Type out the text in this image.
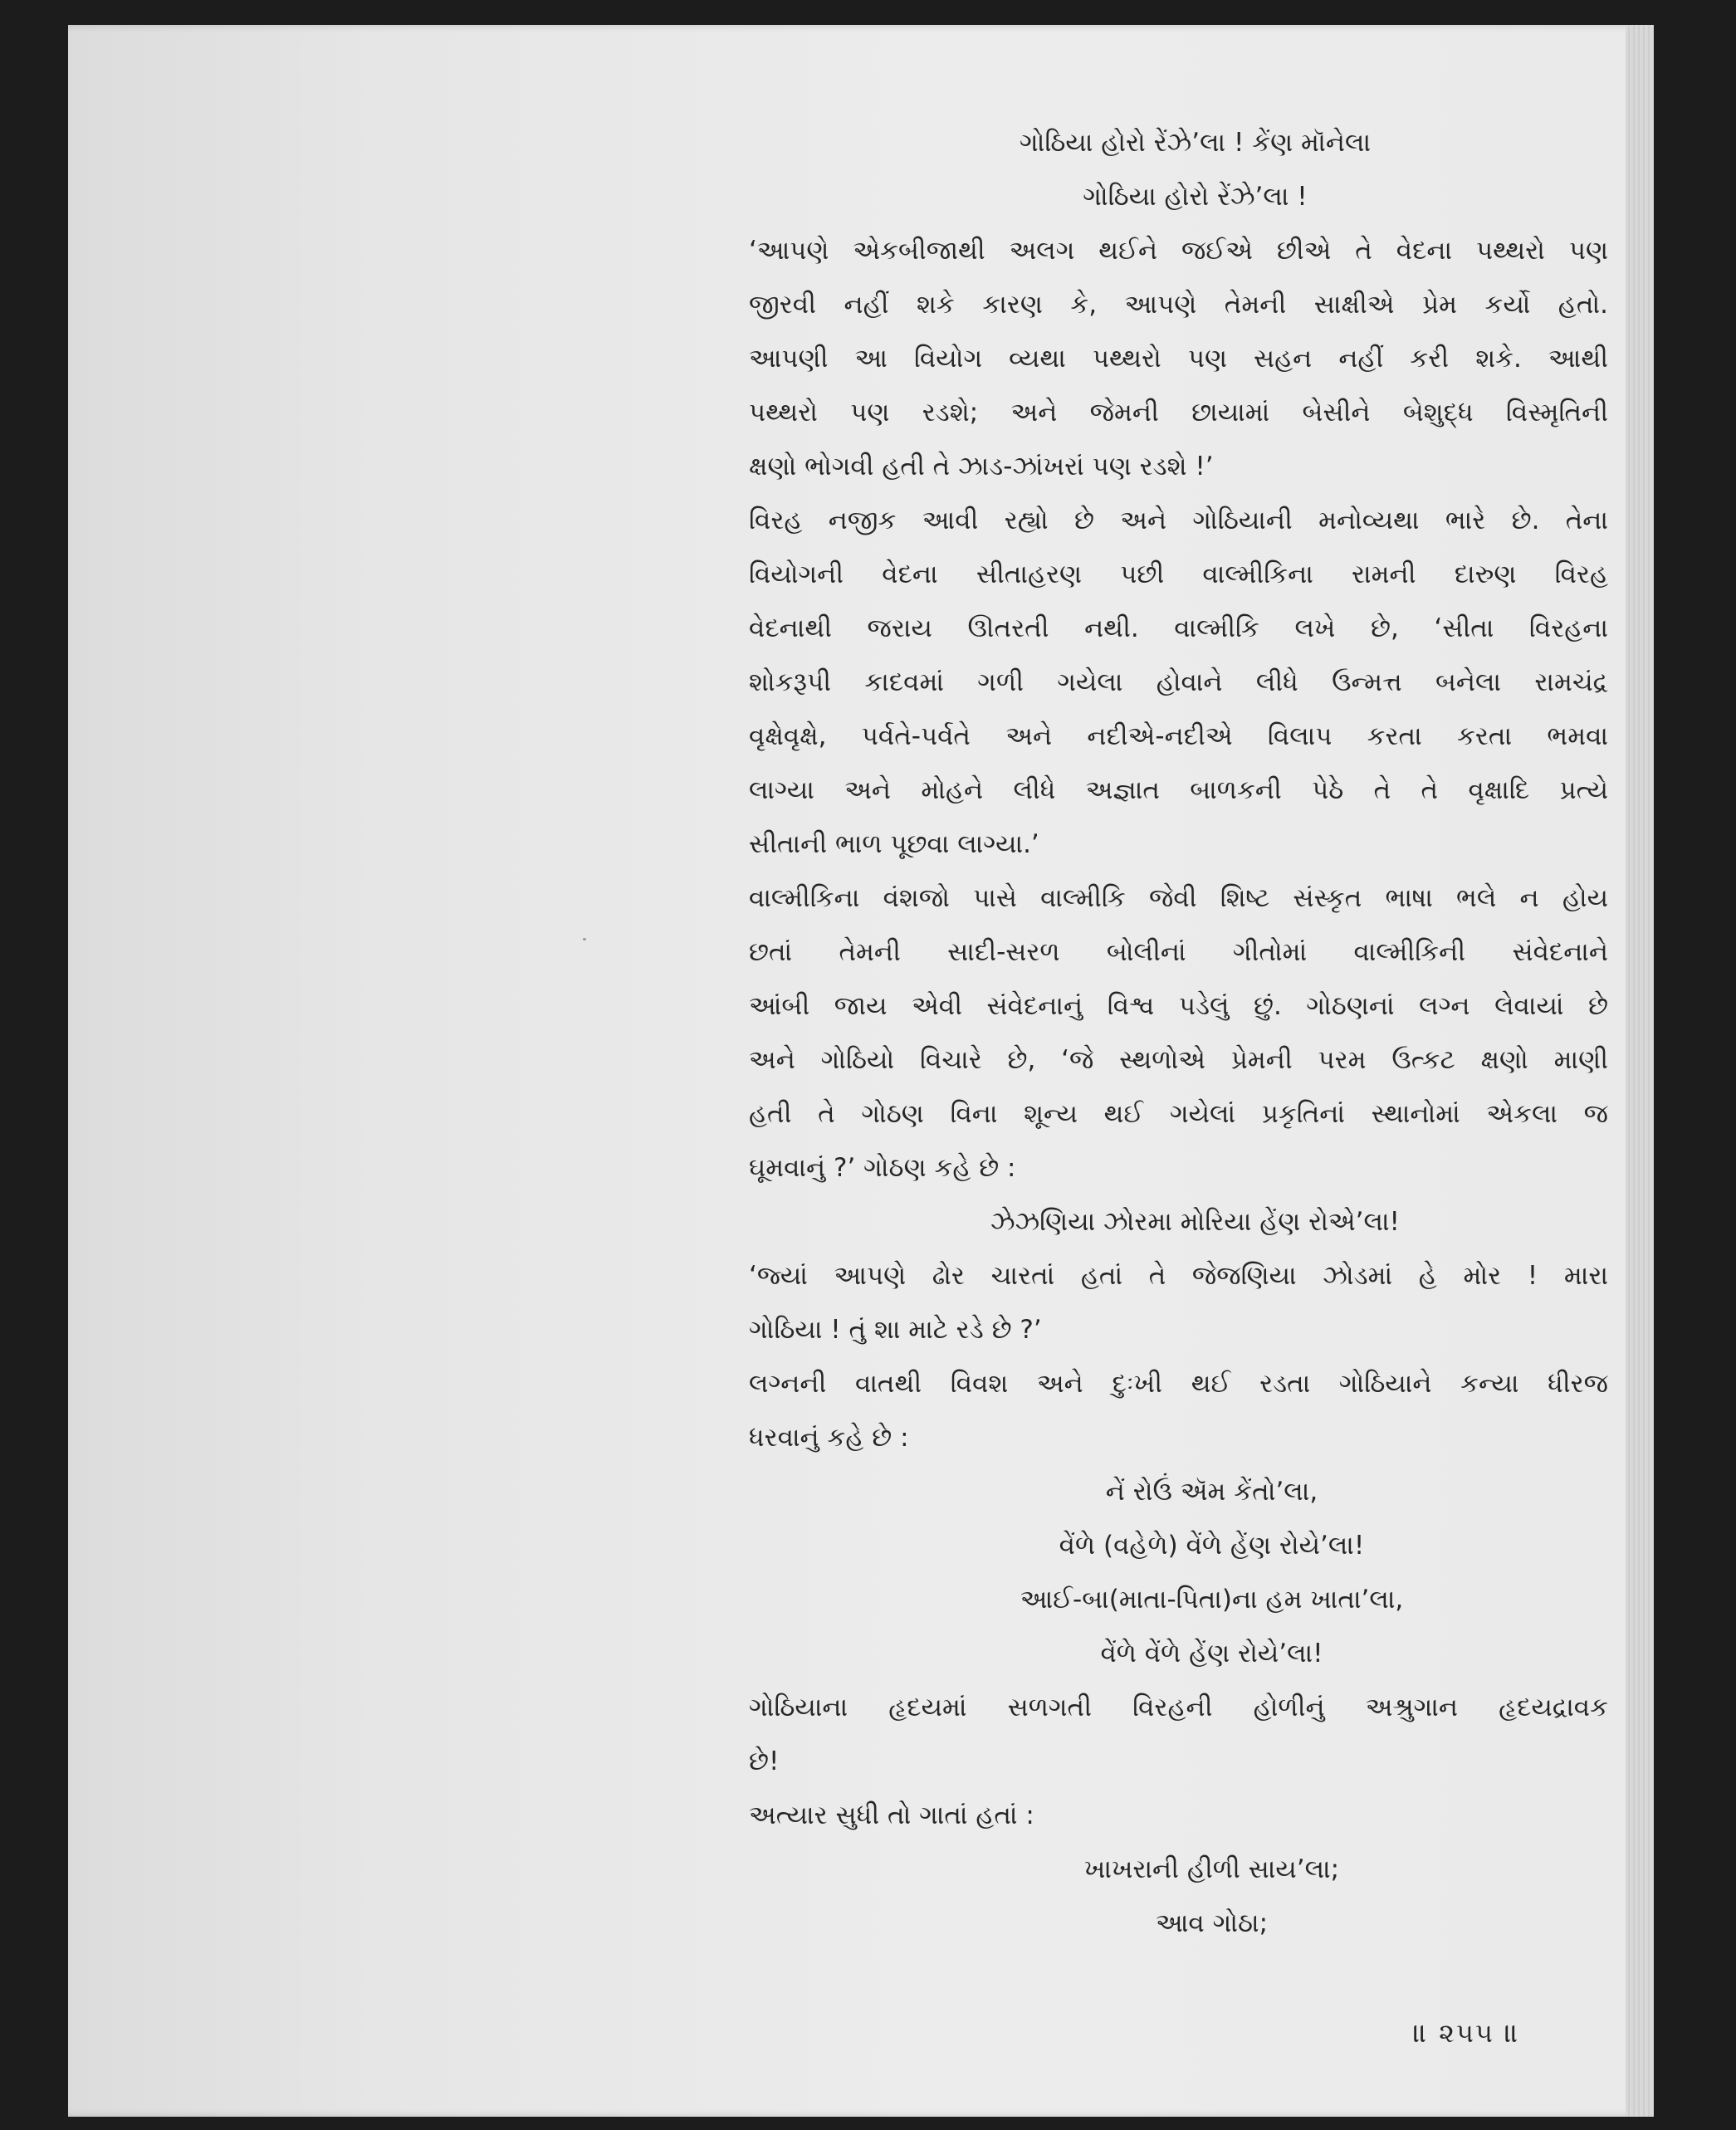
ગોઠિયા હોરો રેંઝે’લા ! કેંણ મૉનેલા
ગોઠિયા હોરો રેંઝે’લા !
‘આપણે એકબીજાથી અલગ થઈને જઈએ છીએ તે વેદના પથ્થરો પણ
જીરવી નહીં શકે કારણ કે, આપણે તેમની સાક્ષીએ પ્રેમ કર્યો હતો.
આપણી આ વિયોગ વ્યથા પથ્થરો પણ સહન નહીં કરી શકે. આથી
પથ્થરો પણ રડશે; અને જેમની છાયામાં બેસીને બેશુદ્ધ વિસ્મૃતિની
ક્ષણો ભોગવી હતી તે ઝાડ-ઝાંખરાં પણ રડશે !’
વિરહ નજીક આવી રહ્યો છે અને ગોઠિયાની મનોવ્યથા ભારે છે. તેના
વિયોગની વેદના સીતાહરણ પછી વાલ્મીકિના રામની દારુણ વિરહ
વેદનાથી જરાય ઊતરતી નથી. વાલ્મીકિ લખે છે, ‘સીતા વિરહના
શોકરૂપી કાદવમાં ગળી ગયેલા હોવાને લીધે ઉન્મત્ત બનેલા રામચંદ્ર
વૃક્ષેવૃક્ષે, પર્વતે-પર્વતે અને નદીએ-નદીએ વિલાપ કરતા કરતા ભમવા
લાગ્યા અને મોહને લીધે અજ્ઞાત બાળકની પેઠે તે તે વૃક્ષાદિ પ્રત્યે
સીતાની ભાળ પૂછવા લાગ્યા.’
વાલ્મીકિના વંશજો પાસે વાલ્મીકિ જેવી શિષ્ટ સંસ્કૃત ભાષા ભલે ન હોય
છતાં તેમની સાદી-સરળ બોલીનાં ગીતોમાં વાલ્મીકિની સંવેદનાને
આંબી જાય એવી સંવેદનાનું વિશ્વ પડેલું છું. ગોઠણનાં લગ્ન લેવાયાં છે
અને ગોઠિયો વિચારે છે, ‘જે સ્થળોએ પ્રેમની પરમ ઉત્કટ ક્ષણો માણી
હતી તે ગોઠણ વિના શૂન્ય થઈ ગયેલાં પ્રકૃતિનાં સ્થાનોમાં એકલા જ
ઘૂમવાનું ?’ ગોઠણ કહે છે :
ઝેઝણિયા ઝોરમા મોરિયા હેંણ રોએ’લા!
‘જ્યાં આપણે ઢોર ચારતાં હતાં તે જેજણિયા ઝોડમાં હે મોર ! મારા
ગોઠિયા ! તું શા માટે રડે છે ?’
લગ્નની વાતથી વિવશ અને દુઃખી થઈ રડતા ગોઠિયાને કન્યા ધીરજ
ધરવાનું કહે છે :
નેં રોઉં ઍમ કેંતો’લા,
વેંળે (વહેળે) વેંળે હેંણ રોયે’લા!
આઈ-બા(માતા-પિતા)ના હમ ખાતા’લા,
વેંળે વેંળે હેંણ રોયે’લા!
ગોઠિયાના હૃદયમાં સળગતી વિરહની હોળીનું અશ્રુગાન હૃદયદ્રાવક
છે!
અત્યાર સુધી તો ગાતાં હતાં :
ખાખરાની હીળી સાય’લા;
આવ ગોઠા;
॥ ૨૫૫ ॥
